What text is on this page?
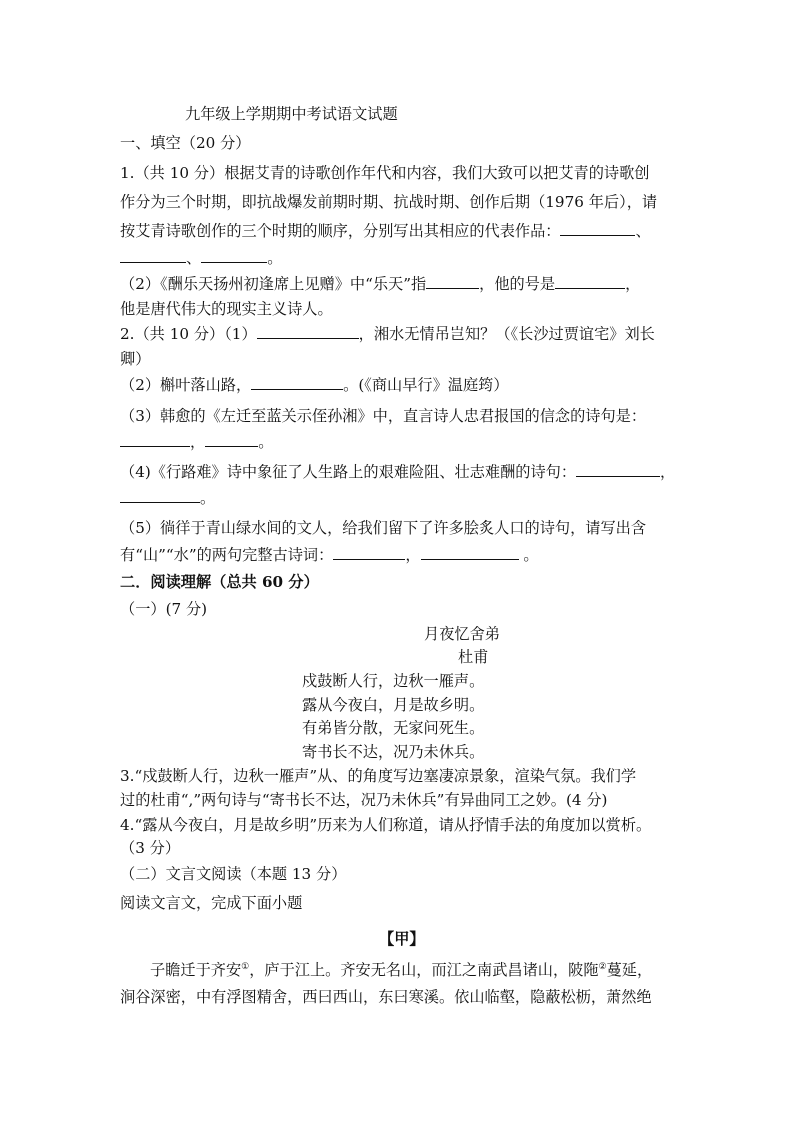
九年级上学期期中考试语文试题
一、填空（20 分）
1.（共 10 分）根据艾青的诗歌创作年代和内容，我们大致可以把艾青的诗歌创
作分为三个时期，即抗战爆发前期时期、抗战时期、创作后期（1976 年后），请
按艾青诗歌创作的三个时期的顺序，分别写出其相应的代表作品：	、
、	。
（2）《酬乐天扬州初逢席上见赠》中“乐天”指	，他的号是	，
他是唐代伟大的现实主义诗人。
2.（共 10 分）（1）	，湘水无情吊岂知？（《长沙过贾谊宅》刘长
卿）
（2）槲叶落山路，	。(《商山早行》温庭筠）
（3）韩愈的《左迁至蓝关示侄孙湘》中，直言诗人忠君报国的信念的诗句是：
，	。
（4)《行路难》诗中象征了人生路上的艰难险阻、壮志难酬的诗句：	，
。
（5）徜徉于青山绿水间的文人，给我们留下了许多脍炙人口的诗句，请写出含
有“山”“水”的两句完整古诗词：	，	。
二．阅读理解（总共 60 分）
（一）(7 分)
月夜忆舍弟
杜甫
戍鼓断人行，边秋一雁声。
露从今夜白，月是故乡明。
有弟皆分散，无家问死生。
寄书长不达，况乃未休兵。
3.“戍鼓断人行，边秋一雁声”从、的角度写边塞凄凉景象，渲染气氛。我们学
过的杜甫“,”两句诗与“寄书长不达，况乃未休兵”有异曲同工之妙。(4 分)
4.“露从今夜白，月是故乡明”历来为人们称道，请从抒情手法的角度加以赏析。
（3 分）
（二）文言文阅读（本题 13 分）
阅读文言文，完成下面小题
【甲】
子瞻迁于齐安①，庐于江上。齐安无名山，而江之南武昌诸山，陂陁②蔓延，
涧谷深密，中有浮图精舍，西曰西山，东曰寒溪。依山临壑，隐蔽松枥，萧然绝
